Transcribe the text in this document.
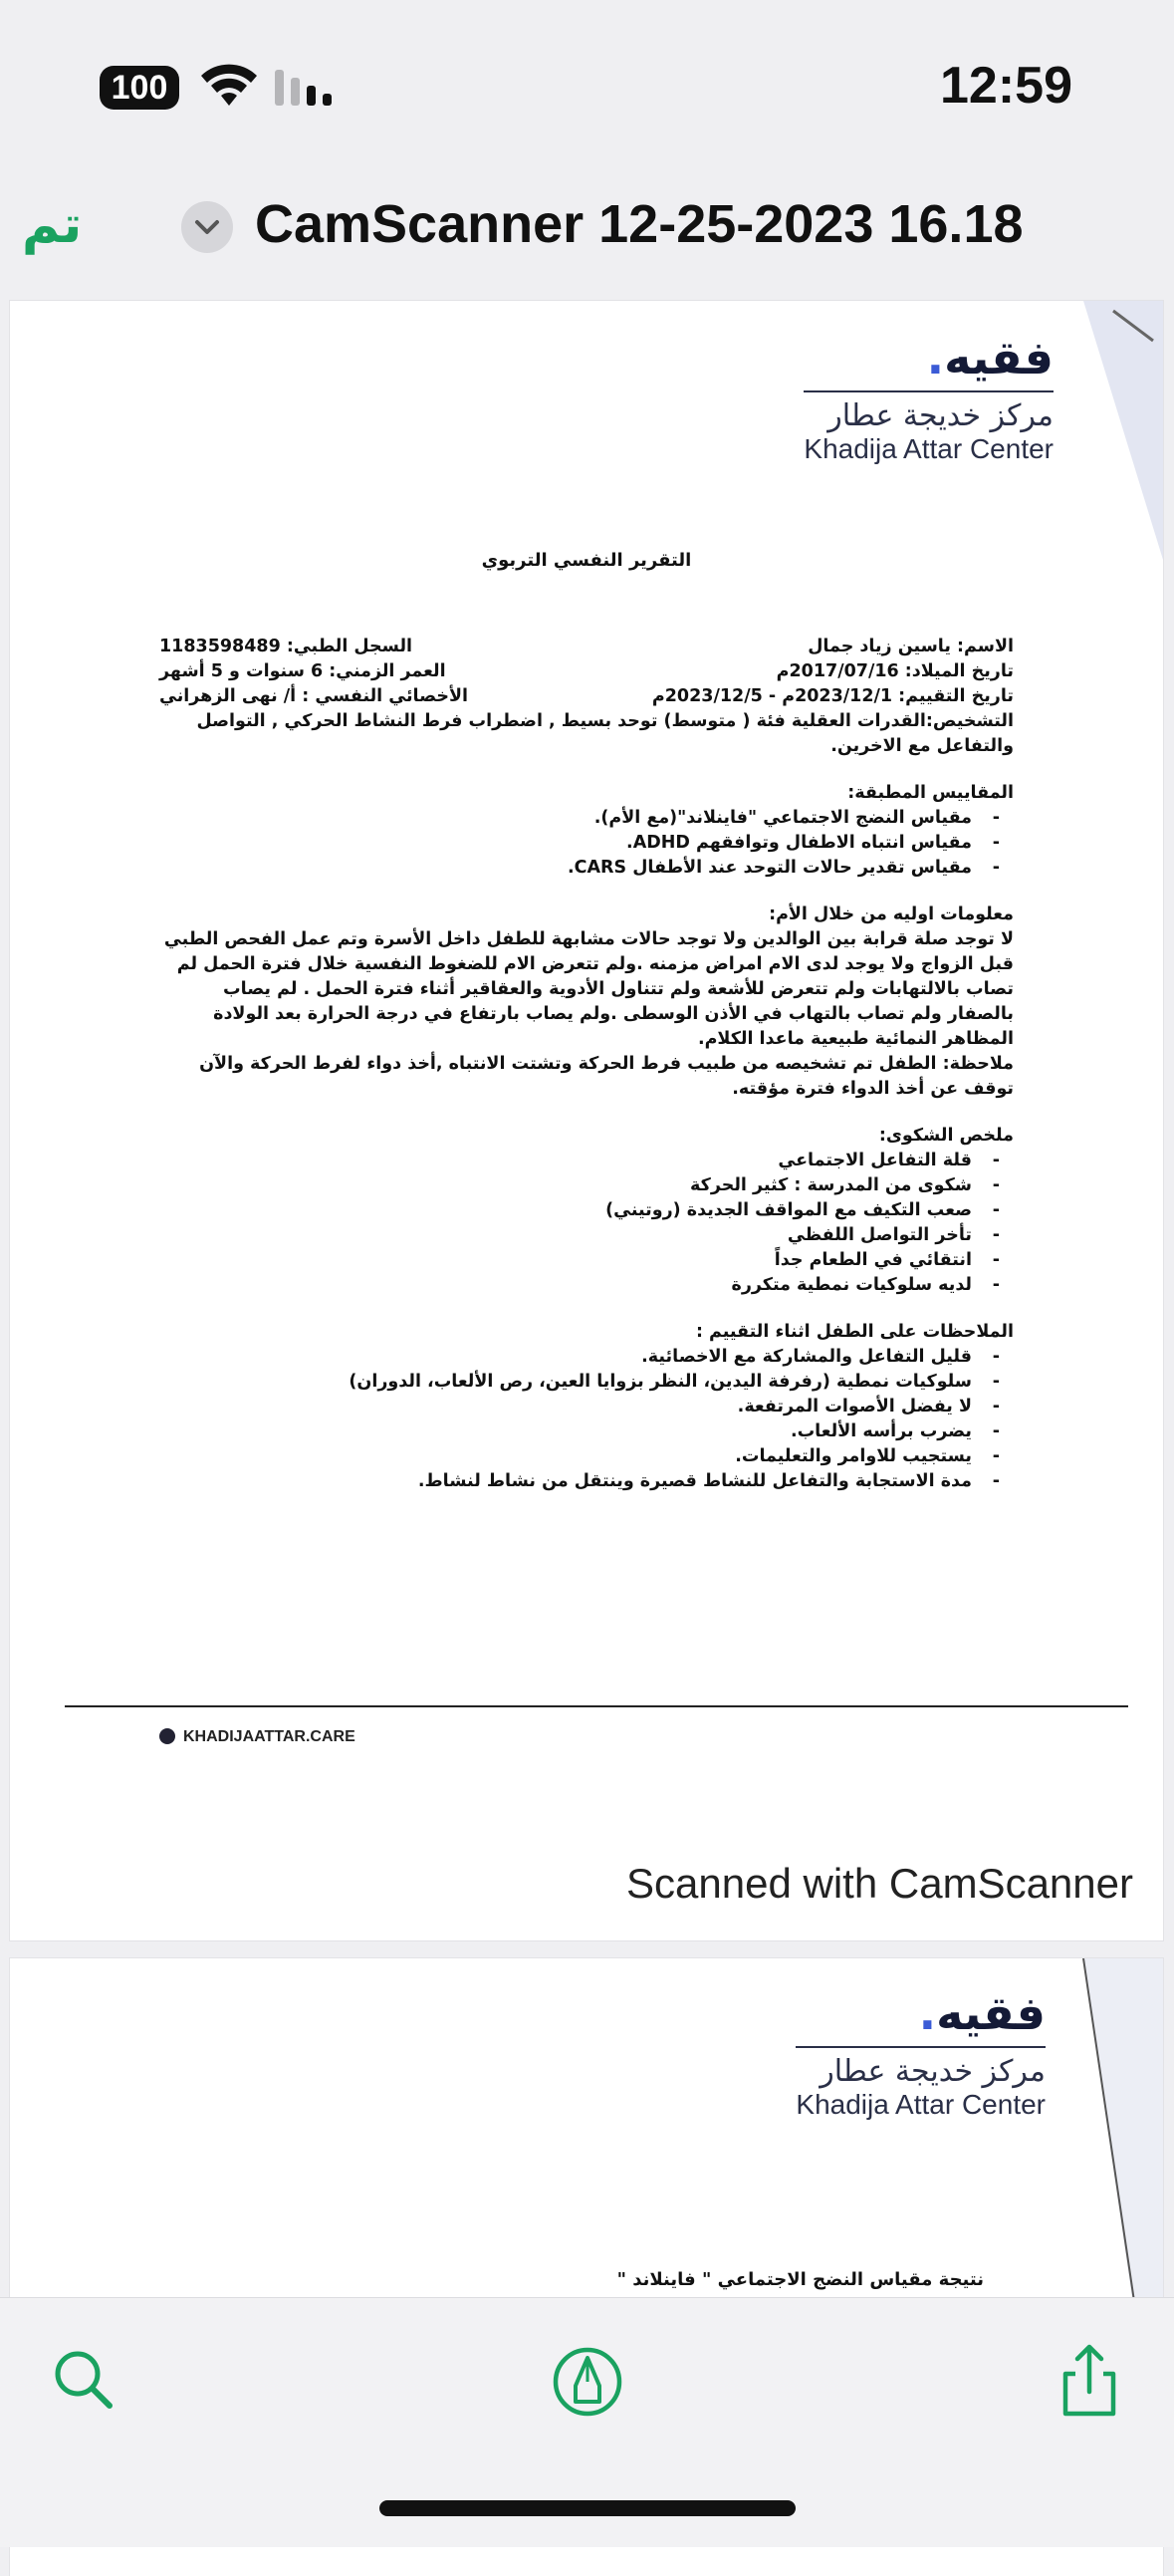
100	12:59
تم	CamScanner 12-25-2023 16.18
فقيه.
مركز خديجة عطار
Khadija Attar Center
التقرير النفسي التربوي
الاسم: ياسين زياد جمال
السجل الطبي: 1183598489
تاريخ الميلاد: 2017/07/16م
العمر الزمني: 6 سنوات و 5 أشهر
تاريخ التقييم: 2023/12/1م - 2023/12/5م
الأخصائي النفسي : أ/ نهى الزهراني
التشخيص:القدرات العقلية فئة ( متوسط) توحد بسيط , اضطراب فرط النشاط الحركي , التواصل والتفاعل مع الاخرين.
المقاييس المطبقة:
- مقياس النضج الاجتماعي "فاينلاند"(مع الأم).
- مقياس انتباه الاطفال وتوافقهم ADHD.
- مقياس تقدير حالات التوحد عند الأطفال CARS.
معلومات اوليه من خلال الأم:
لا توجد صلة قرابة بين الوالدين ولا توجد حالات مشابهة للطفل داخل الأسرة وتم عمل الفحص الطبي قبل الزواج ولا يوجد لدى الام امراض مزمنه .ولم تتعرض الام للضغوط النفسية خلال فترة الحمل لم تصاب بالالتهابات ولم تتعرض للأشعة ولم تتناول الأدوية والعقاقير أثناء فترة الحمل . لم يصاب بالصفار ولم تصاب بالتهاب في الأذن الوسطى .ولم يصاب بارتفاع في درجة الحرارة بعد الولادة المظاهر النمائية طبيعية ماعدا الكلام.
ملاحظة: الطفل تم تشخيصه من طبيب فرط الحركة وتشتت الانتباه ,أخذ دواء لفرط الحركة والآن توقف عن أخذ الدواء فترة مؤقته.
ملخص الشكوى:
- قلة التفاعل الاجتماعي
- شكوى من المدرسة : كثير الحركة
- صعب التكيف مع المواقف الجديدة (روتيني)
- تأخر التواصل اللفظي
- انتقائي في الطعام جداً
- لديه سلوكيات نمطية متكررة
الملاحظات على الطفل اثناء التقييم :
- قليل التفاعل والمشاركة مع الاخصائية.
- سلوكيات نمطية (رفرفة اليدين، النظر بزوايا العين، رص الألعاب، الدوران)
- لا يفضل الأصوات المرتفعة.
- يضرب برأسه الألعاب.
- يستجيب للاوامر والتعليمات.
- مدة الاستجابة والتفاعل للنشاط قصيرة وينتقل من نشاط لنشاط.
KHADIJAATTAR.CARE
Scanned with CamScanner
فقيه.
مركز خديجة عطار
Khadija Attar Center
نتيجة مقياس النضج الاجتماعي " فاينلاند "
